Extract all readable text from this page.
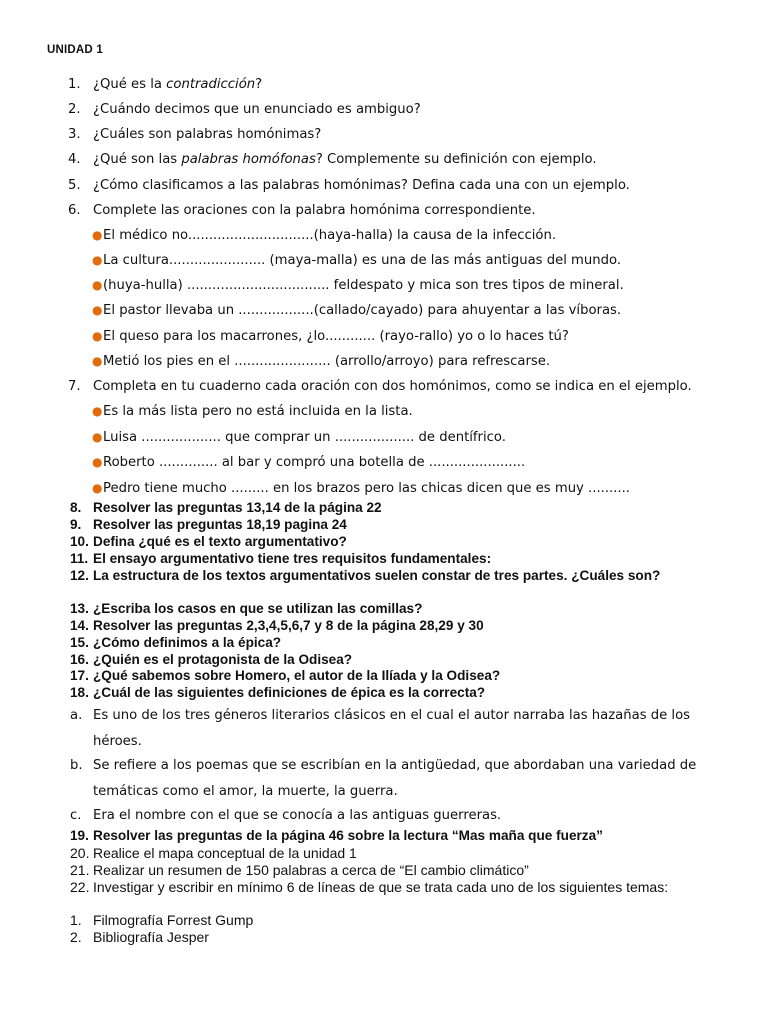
UNIDAD 1
1. ¿Qué es la contradicción?
2. ¿Cuándo decimos que un enunciado es ambiguo?
3. ¿Cuáles son palabras homónimas?
4. ¿Qué son las palabras homófonas? Complemente su definición con ejemplo.
5. ¿Cómo clasificamos a las palabras homónimas? Defina cada una con un ejemplo.
6. Complete las oraciones con la palabra homónima correspondiente.
● El médico no..............................(haya-halla) la causa de la infección.
● La cultura....................... (maya-malla) es una de las más antiguas del mundo.
● (huya-hulla) .................................. feldespato y mica son tres tipos de mineral.
● El pastor llevaba un ..................(callado/cayado) para ahuyentar a las víboras.
● El queso para los macarrones, ¿lo............ (rayo-rallo) yo o lo haces tú?
● Metió los pies en el ....................... (arrollo/arroyo) para refrescarse.
7. Completa en tu cuaderno cada oración con dos homónimos, como se indica en el ejemplo.
● Es la más lista pero no está incluida en la lista.
● Luisa ................... que comprar un ................... de dentífrico.
● Roberto .............. al bar y compró una botella de .......................
● Pedro tiene mucho ......... en los brazos pero las chicas dicen que es muy ..........
8. Resolver las preguntas 13,14 de la página 22
9. Resolver las preguntas 18,19 pagina 24
10. Defina ¿qué es el texto argumentativo?
11. El ensayo argumentativo tiene tres requisitos fundamentales:
12. La estructura de los textos argumentativos suelen constar de tres partes. ¿Cuáles son?
13. ¿Escriba los casos en que se utilizan las comillas?
14. Resolver las preguntas 2,3,4,5,6,7 y 8 de la página 28,29 y 30
15. ¿Cómo definimos a la épica?
16. ¿Quién es el protagonista de la Odisea?
17. ¿Qué sabemos sobre Homero, el autor de la Ilíada y la Odisea?
18. ¿Cuál de las siguientes definiciones de épica es la correcta?
a. Es uno de los tres géneros literarios clásicos en el cual el autor narraba las hazañas de los héroes.
b. Se refiere a los poemas que se escribían en la antigüedad, que abordaban una variedad de temáticas como el amor, la muerte, la guerra.
c. Era el nombre con el que se conocía a las antiguas guerreras.
19. Resolver las preguntas de la página 46 sobre la lectura “Mas maña que fuerza”
20. Realice el mapa conceptual de la unidad 1
21. Realizar un resumen de 150 palabras a cerca de “El cambio climático”
22. Investigar y escribir en mínimo 6 de líneas de que se trata cada uno de los siguientes temas:
1. Filmografía Forrest Gump
2. Bibliografía Jesper
